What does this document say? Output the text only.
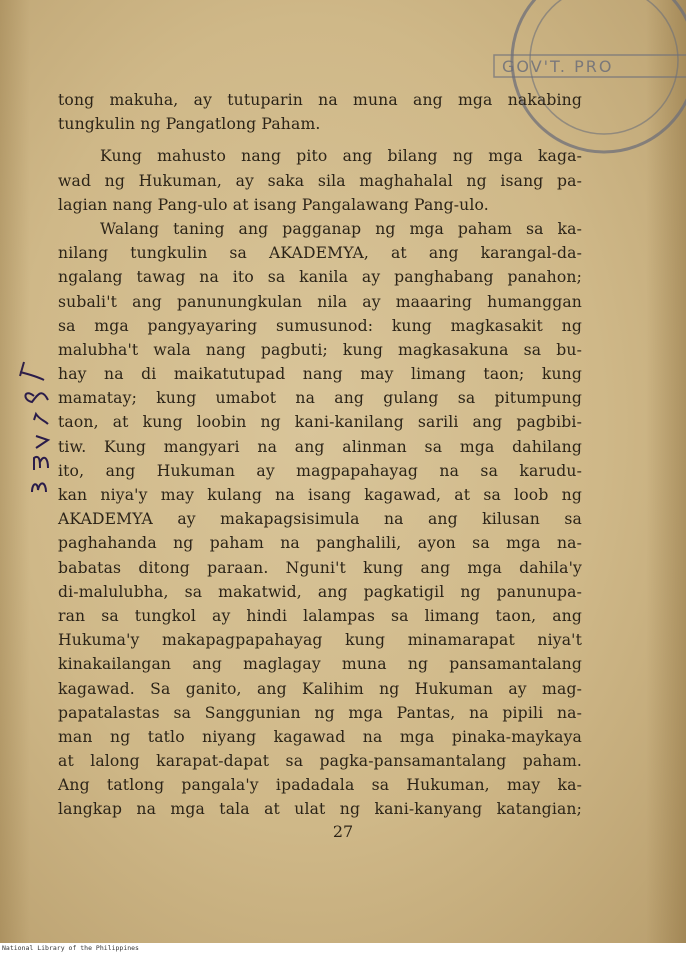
GOV'T. PRO
tong makuha, ay tutuparin na muna ang mga nakabing
tungkulin ng Pangatlong Paham.
Kung mahusto nang pito ang bilang ng mga kaga-
wad ng Hukuman, ay saka sila maghahalal ng isang pa-
lagian nang Pang-ulo at isang Pangalawang Pang-ulo.
Walang taning ang pagganap ng mga paham sa ka-
nilang tungkulin sa AKADEMYA, at ang karangal-da-
ngalang tawag na ito sa kanila ay panghabang panahon;
subali't ang panunungkulan nila ay maaaring humanggan
sa mga pangyayaring sumusunod: kung magkasakit ng
malubha't wala nang pagbuti; kung magkasakuna sa bu-
hay na di maikatutupad nang may limang taon; kung
mamatay; kung umabot na ang gulang sa pitumpung
taon, at kung loobin ng kani-kanilang sarili ang pagbibi-
tiw. Kung mangyari na ang alinman sa mga dahilang
ito, ang Hukuman ay magpapahayag na sa karudu-
kan niya'y may kulang na isang kagawad, at sa loob ng
AKADEMYA ay makapagsisimula na ang kilusan sa
paghahanda ng paham na panghalili, ayon sa mga na-
babatas ditong paraan. Nguni't kung ang mga dahila'y
di-malulubha, sa makatwid, ang pagkatigil ng panunupa-
ran sa tungkol ay hindi lalampas sa limang taon, ang
Hukuma'y makapagpapahayag kung minamarapat niya't
kinakailangan ang maglagay muna ng pansamantalang
kagawad. Sa ganito, ang Kalihim ng Hukuman ay mag-
papatalastas sa Sanggunian ng mga Pantas, na pipili na-
man ng tatlo niyang kagawad na mga pinaka-maykaya
at lalong karapat-dapat sa pagka-pansamantalang paham.
Ang tatlong pangala'y ipadadala sa Hukuman, may ka-
langkap na mga tala at ulat ng kani-kanyang katangian;
27
National Library of the Philippines
